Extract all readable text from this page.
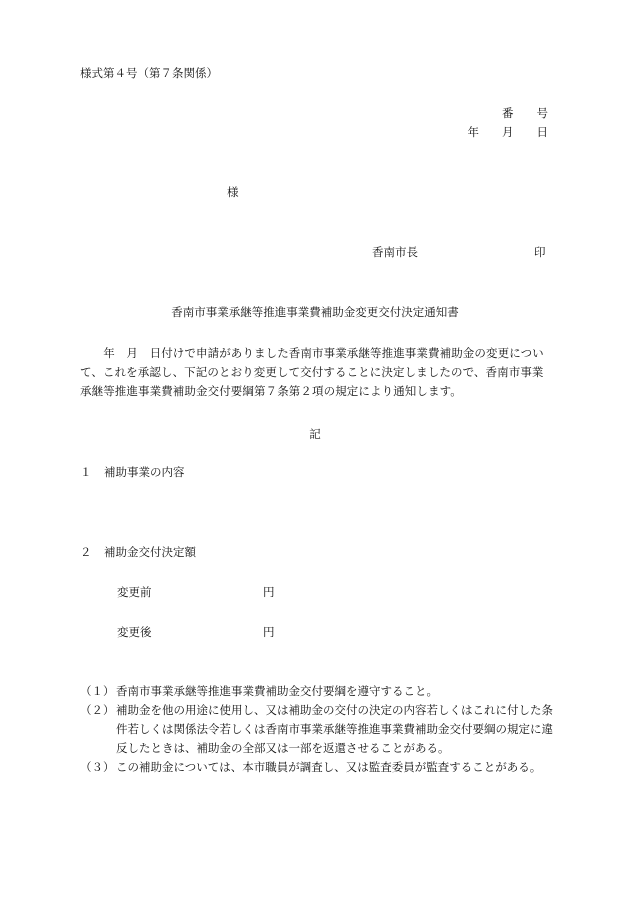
様式第４号（第７条関係）
番　　号
年　　月　　日
様
香南市長	印
香南市事業承継等推進事業費補助金変更交付決定通知書
　　年　月　日付けで申請がありました香南市事業承継等推進事業費補助金の変更について、これを承認し、下記のとおり変更して交付することに決定しましたので、香南市事業承継等推進事業費補助金交付要綱第７条第２項の規定により通知します。
記
１ 補助事業の内容
２ 補助金交付決定額
変更前	円
変更後	円
（１） 香南市事業承継等推進事業費補助金交付要綱を遵守すること。
（２） 補助金を他の用途に使用し、又は補助金の交付の決定の内容若しくはこれに付した条件若しくは関係法令若しくは香南市事業承継等推進事業費補助金交付要綱の規定に違反したときは、補助金の全部又は一部を返還させることがある。
（３） この補助金については、本市職員が調査し、又は監査委員が監査することがある。
